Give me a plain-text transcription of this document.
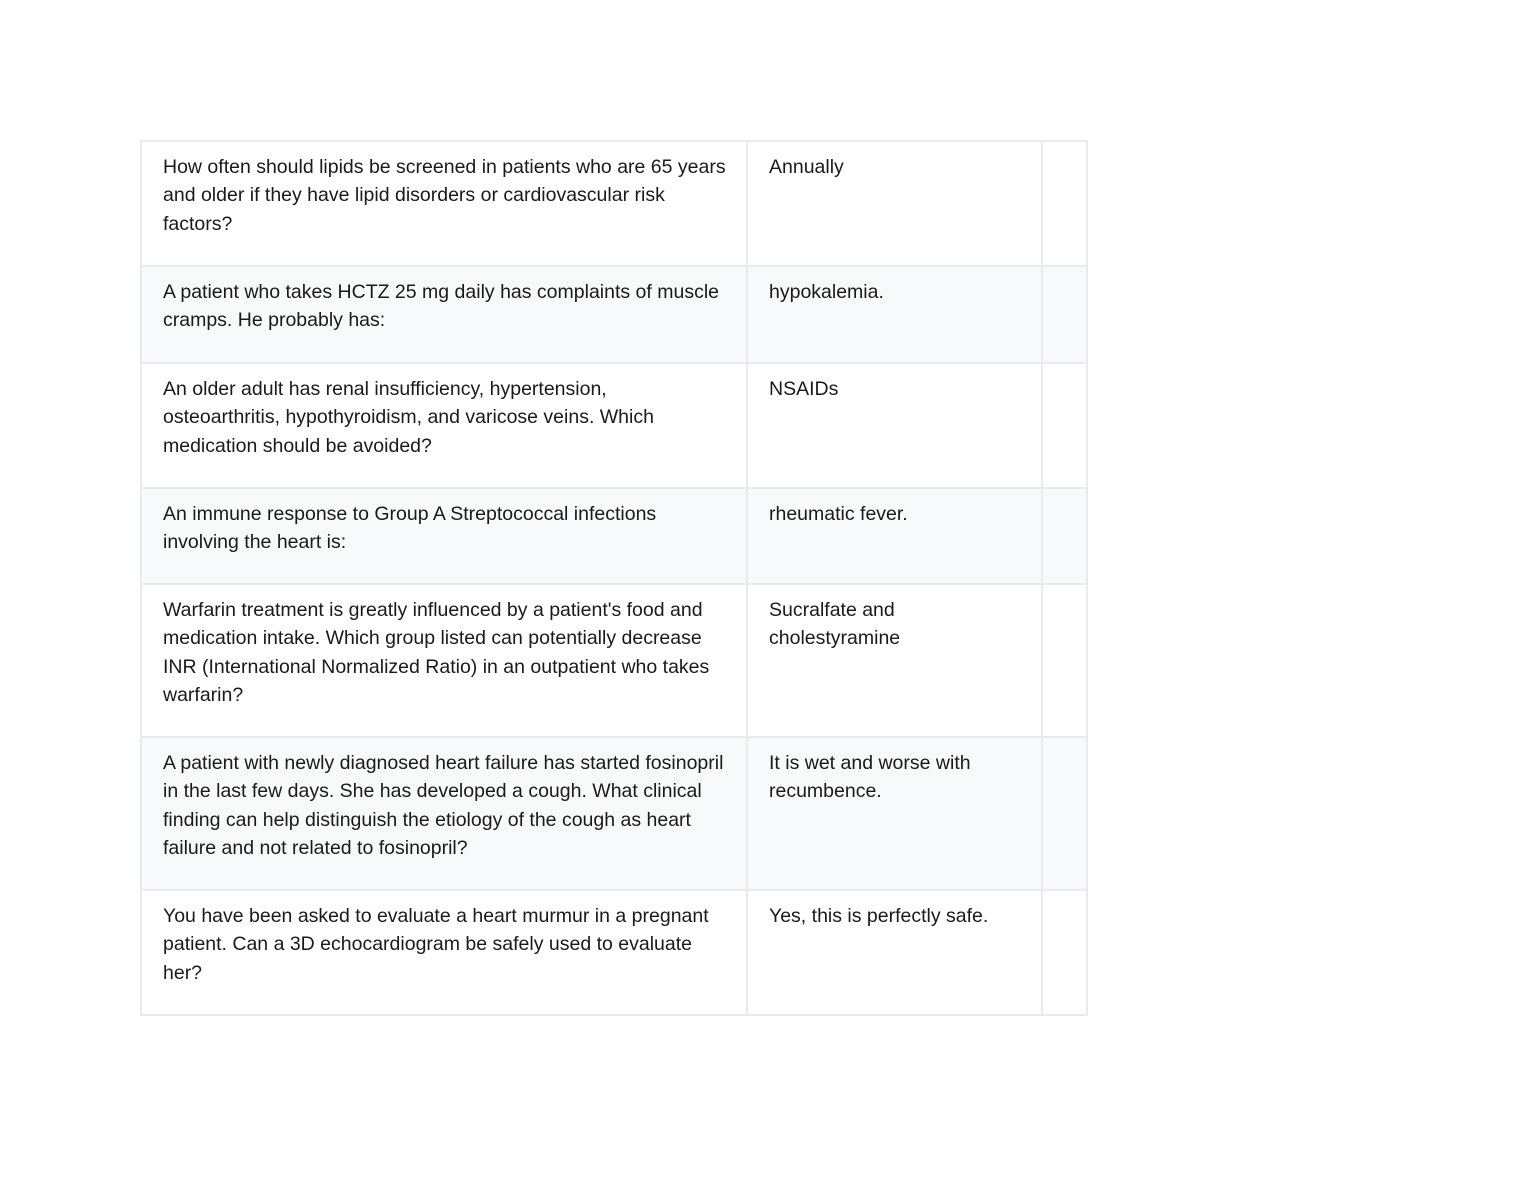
How often should lipids be screened in patients who are 65 years and older if they have lipid disorders or cardiovascular risk factors?	Annually	
A patient who takes HCTZ 25 mg daily has complaints of muscle cramps. He probably has:	hypokalemia.	
An older adult has renal insufficiency, hypertension, osteoarthritis, hypothyroidism, and varicose veins. Which medication should be avoided?	NSAIDs	
An immune response to Group A Streptococcal infections involving the heart is:	rheumatic fever.	
Warfarin treatment is greatly influenced by a patient's food and medication intake. Which group listed can potentially decrease INR (International Normalized Ratio) in an outpatient who takes warfarin?	Sucralfate and cholestyramine	
A patient with newly diagnosed heart failure has started fosinopril in the last few days. She has developed a cough. What clinical finding can help distinguish the etiology of the cough as heart failure and not related to fosinopril?	It is wet and worse with recumbence.	
You have been asked to evaluate a heart murmur in a pregnant patient. Can a 3D echocardiogram be safely used to evaluate her?	Yes, this is perfectly safe.	
